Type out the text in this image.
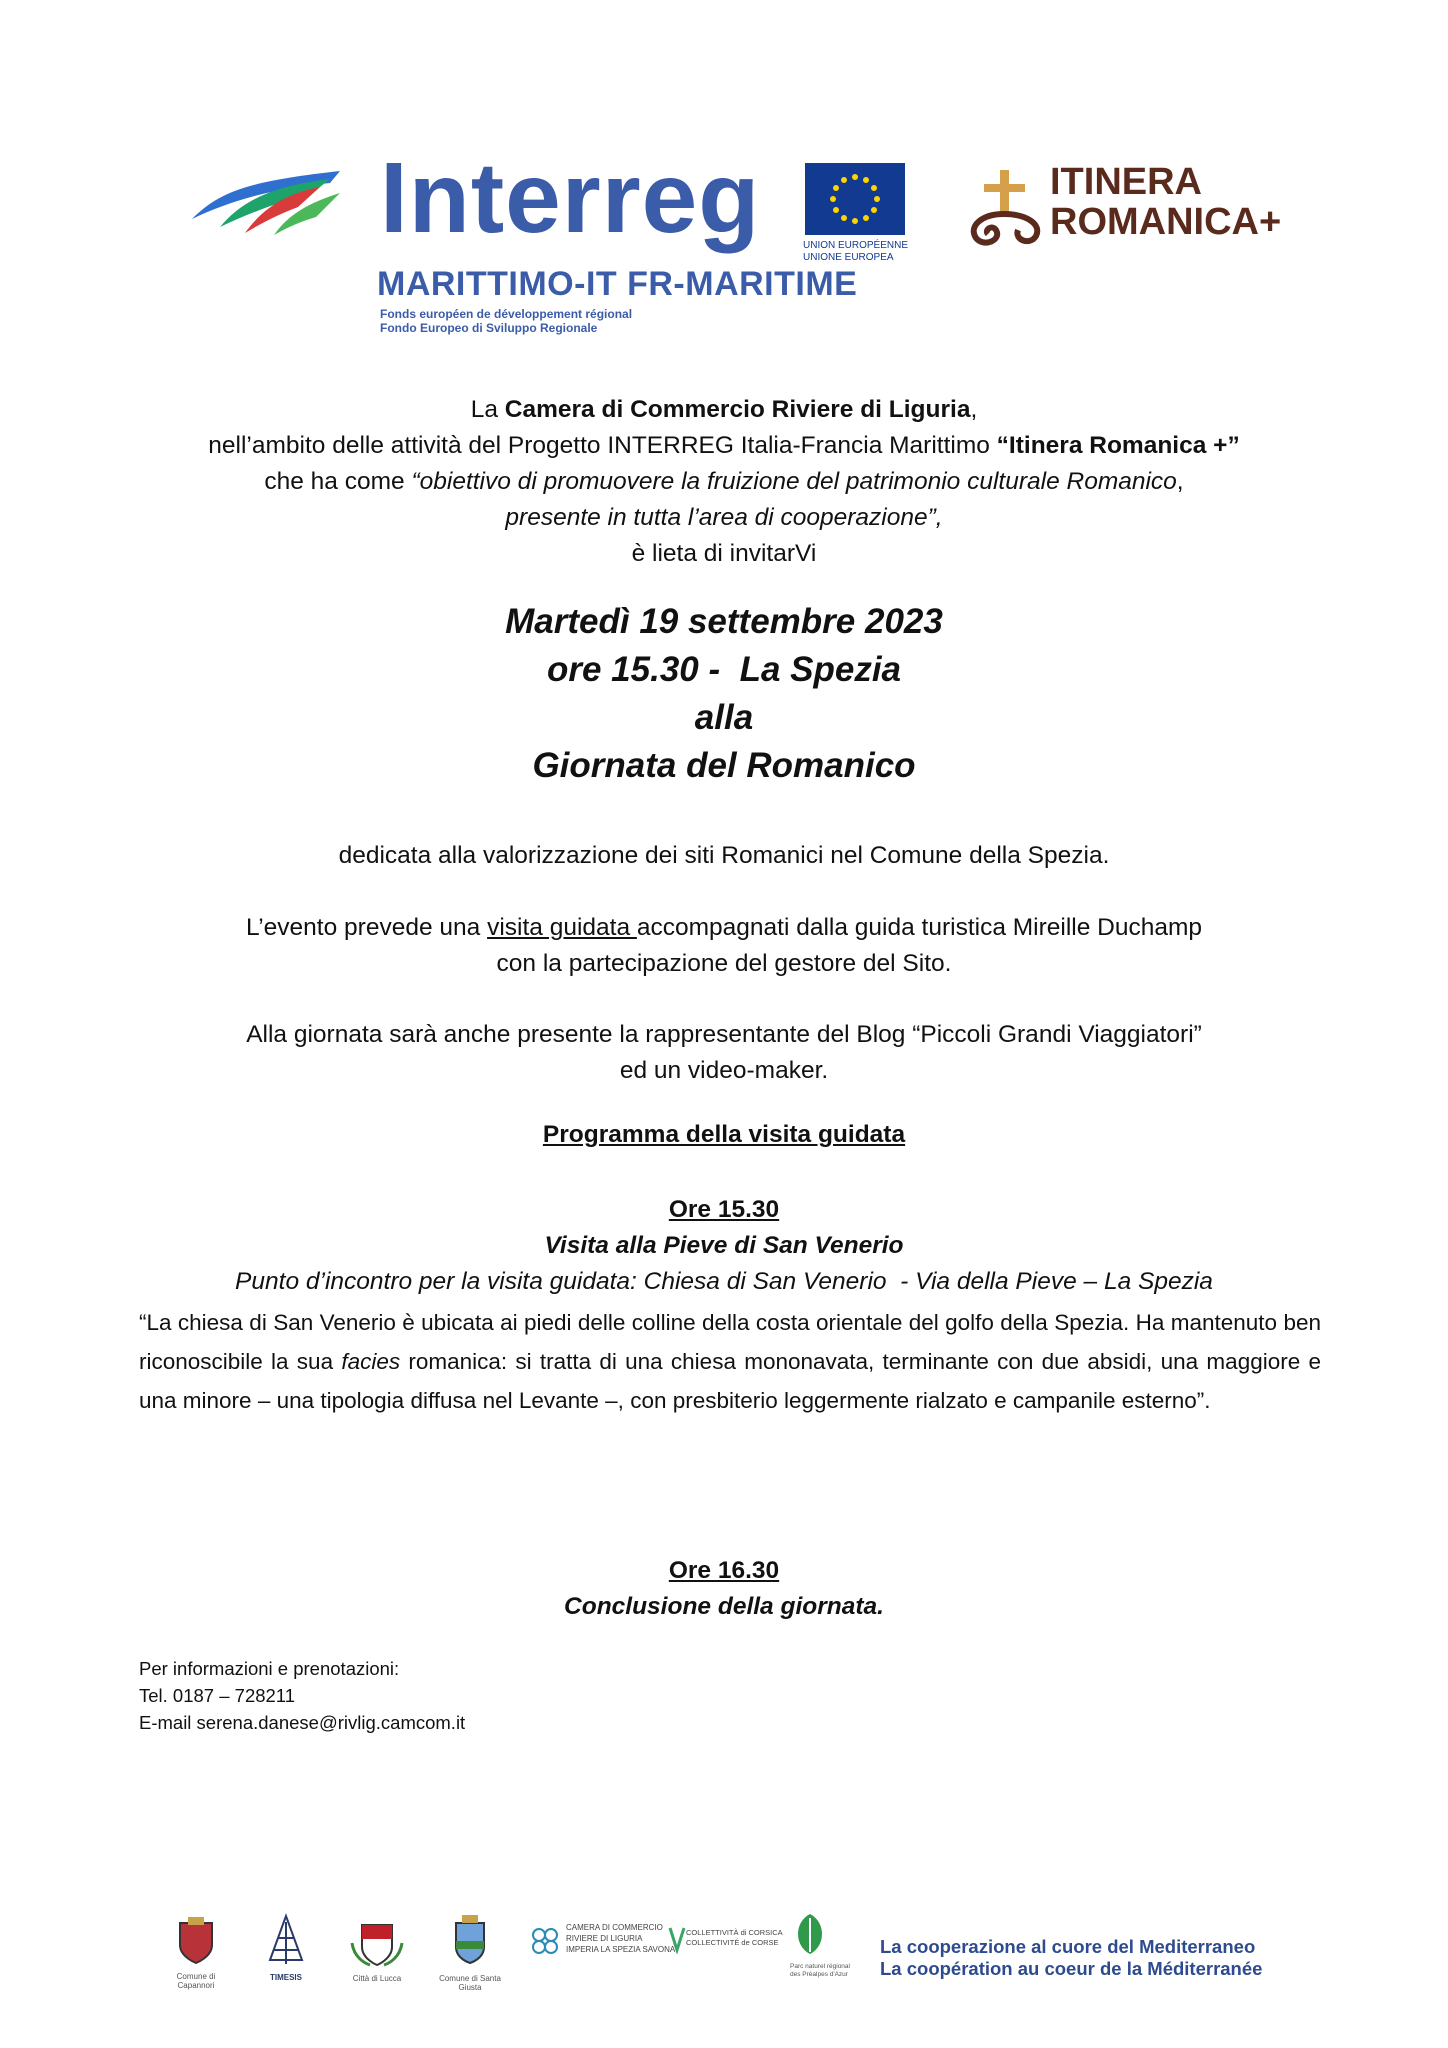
Interreg	UNION EUROPÉENNE
UNIONE EUROPEA
MARITTIMO-IT FR-MARITIME
Fonds européen de développement régional
Fondo Europeo di Sviluppo Regionale
ITINERA
ROMANICA+
La Camera di Commercio Riviere di Liguria,
nell’ambito delle attività del Progetto INTERREG Italia-Francia Marittimo “Itinera Romanica +”
che ha come “obiettivo di promuovere la fruizione del patrimonio culturale Romanico,
presente in tutta l’area di cooperazione”,
è lieta di invitarVi
Martedì 19 settembre 2023
ore 15.30 -  La Spezia
alla
Giornata del Romanico
dedicata alla valorizzazione dei siti Romanici nel Comune della Spezia.
L’evento prevede una visita guidata accompagnati dalla guida turistica Mireille Duchamp
con la partecipazione del gestore del Sito.
Alla giornata sarà anche presente la rappresentante del Blog “Piccoli Grandi Viaggiatori”
ed un video-maker.
Programma della visita guidata
Ore 15.30
Visita alla Pieve di San Venerio
Punto d’incontro per la visita guidata: Chiesa di San Venerio  - Via della Pieve – La Spezia
“La chiesa di San Venerio è ubicata ai piedi delle colline della costa orientale del golfo della Spezia. Ha mantenuto ben riconoscibile la sua facies romanica: si tratta di una chiesa mononavata, terminante con due absidi, una maggiore e una minore – una tipologia diffusa nel Levante –, con presbiterio leggermente rialzato e campanile esterno”.
Ore 16.30
Conclusione della giornata.
Per informazioni e prenotazioni:
Tel. 0187 – 728211
E-mail serena.danese@rivlig.camcom.it
Comune di Capannori
TIMESIS	Città di Lucca	Comune di Santa Giusta
CAMERA DI COMMERCIO
RIVIERE DI LIGURIA
IMPERIA LA SPEZIA SAVONA
COLLETTIVITÀ di CORSICA
COLLECTIVITÉ de CORSE
Parc naturel régional des Préalpes d'Azur
La cooperazione al cuore del Mediterraneo
La coopération au coeur de la Méditerranée
